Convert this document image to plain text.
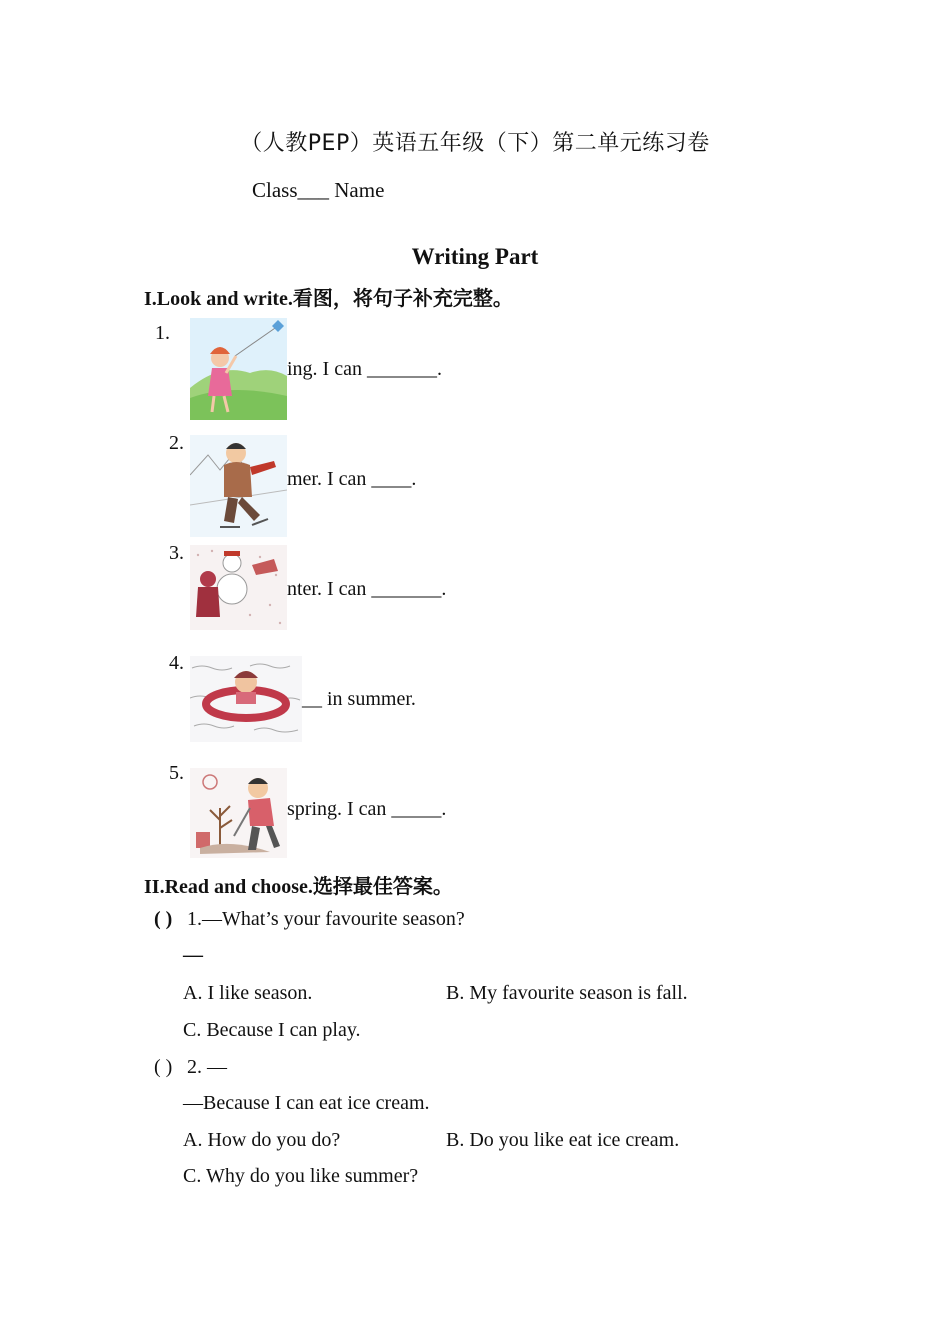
（人教PEP）英语五年级（下）第二单元练习卷
Class___ Name
Writing Part
I.Look and write.看图，将句子补充完整。
1.
ing. I can _______.
2.
mer. I can ____.
3.
nter. I can _______.
4.
__ in summer.
5.
spring. I can _____.
II.Read and choose.选择最佳答案。
( ) 1.—What’s your favourite season?
—
A. I like season.	B. My favourite season is fall.
C. Because I can play.
( ) 2. —
—Because I can eat ice cream.
A. How do you do?	B. Do you like eat ice cream.
C. Why do you like summer?
